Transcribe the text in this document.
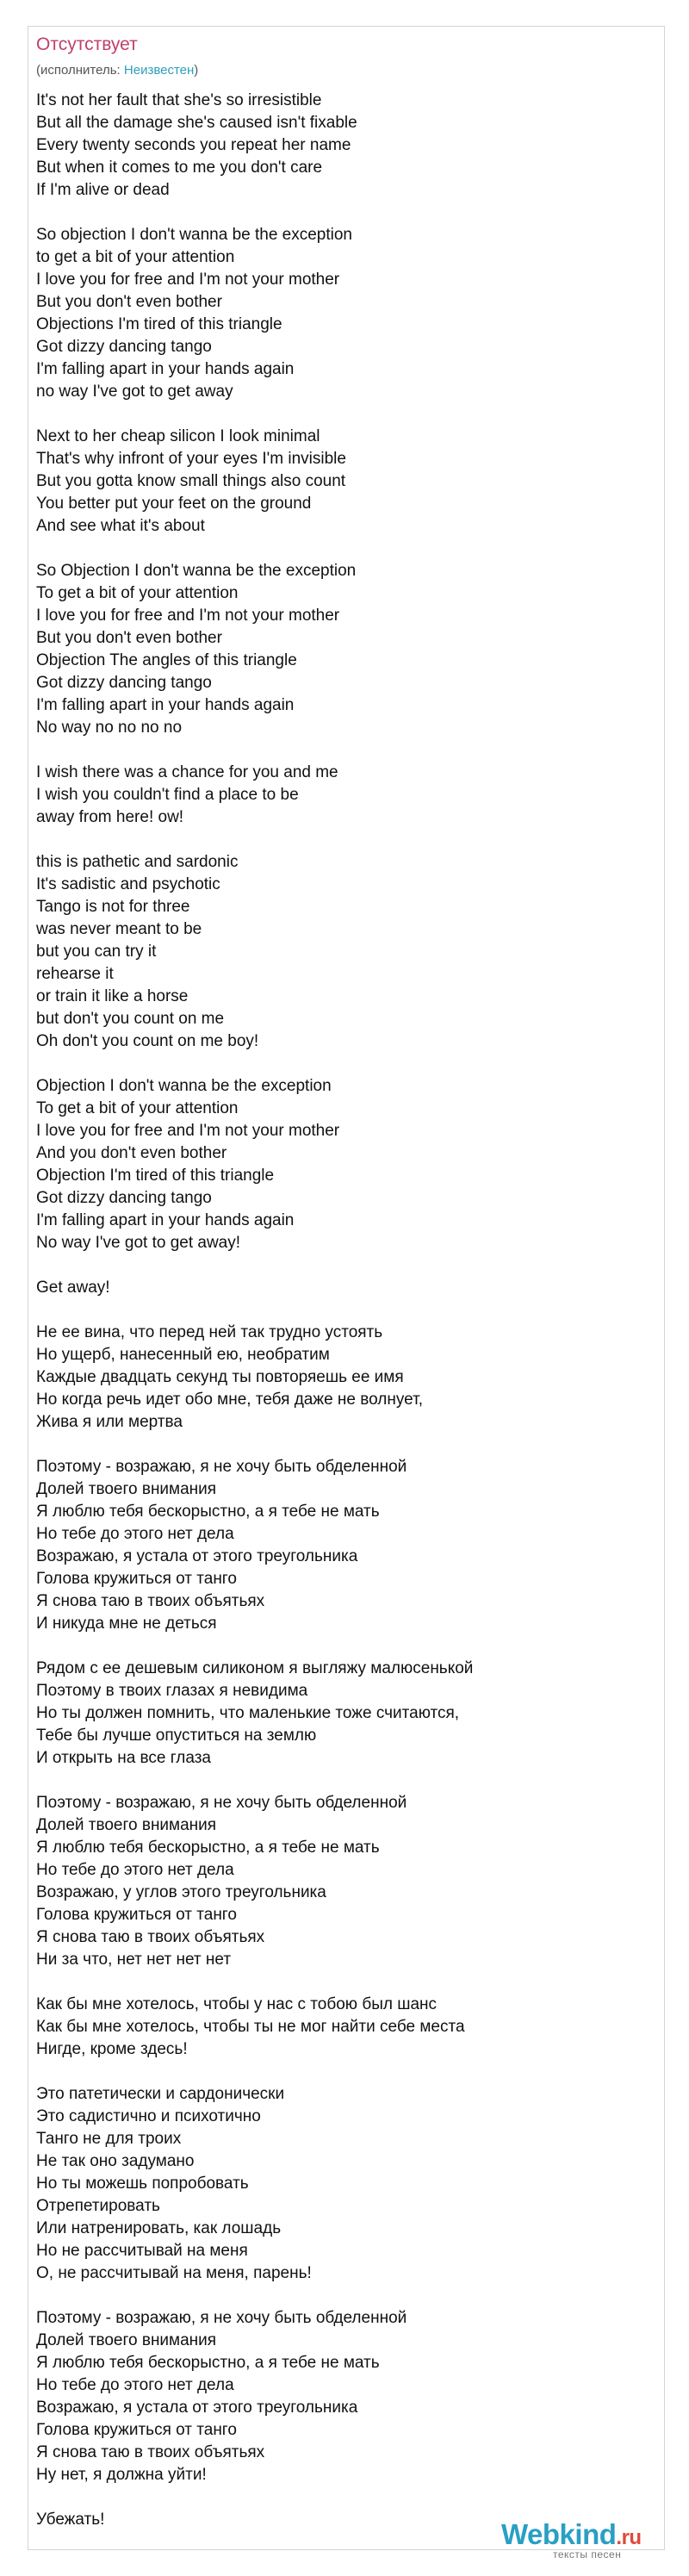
Отсутствует
(исполнитель: Неизвестен)
It's not her fault that she's so irresistible
But all the damage she's caused isn't fixable
Every twenty seconds you repeat her name
But when it comes to me you don't care
If I'm alive or dead
So objection I don't wanna be the exception
to get a bit of your attention
I love you for free and I'm not your mother
But you don't even bother
Objections I'm tired of this triangle
Got dizzy dancing tango
I'm falling apart in your hands again
no way I've got to get away
Next to her cheap silicon I look minimal
That's why infront of your eyes I'm invisible
But you gotta know small things also count
You better put your feet on the ground
And see what it's about
So Objection I don't wanna be the exception
To get a bit of your attention
I love you for free and I'm not your mother
But you don't even bother
Objection The angles of this triangle
Got dizzy dancing tango
I'm falling apart in your hands again
No way no no no no
I wish there was a chance for you and me
I wish you couldn't find a place to be
away from here! ow!
this is pathetic and sardonic
It's sadistic and psychotic
Tango is not for three
was never meant to be
but you can try it
rehearse it
or train it like a horse
but don't you count on me
Oh don't you count on me boy!
Objection I don't wanna be the exception
To get a bit of your attention
I love you for free and I'm not your mother
And you don't even bother
Objection I'm tired of this triangle
Got dizzy dancing tango
I'm falling apart in your hands again
No way I've got to get away!
Get away!
Не ее вина, что перед ней так трудно устоять
Но ущерб, нанесенный ею, необратим
Каждые двадцать секунд ты повторяешь ее имя
Но когда речь идет обо мне, тебя даже не волнует,
Жива я или мертва
Поэтому - возражаю, я не хочу быть обделенной
Долей твоего внимания
Я люблю тебя бескорыстно, а я тебе не мать
Но тебе до этого нет дела
Возражаю, я устала от этого треугольника
Голова кружиться от танго
Я снова таю в твоих объятьях
И никуда мне не деться
Рядом с ее дешевым силиконом я выгляжу малюсенькой
Поэтому в твоих глазах я невидима
Но ты должен помнить, что маленькие тоже считаются,
Тебе бы лучше опуститься на землю
И открыть на все глаза
Поэтому - возражаю, я не хочу быть обделенной
Долей твоего внимания
Я люблю тебя бескорыстно, а я тебе не мать
Но тебе до этого нет дела
Возражаю, у углов этого треугольника
Голова кружиться от танго
Я снова таю в твоих объятьях
Ни за что, нет нет нет нет
Как бы мне хотелось, чтобы у нас с тобою был шанс
Как бы мне хотелось, чтобы ты не мог найти себе места
Нигде, кроме здесь!
Это патетически и сардонически
Это садистично и психотично
Танго не для троих
Не так оно задумано
Но ты можешь попробовать
Отрепетировать
Или натренировать, как лошадь
Но не рассчитывай на меня
О, не рассчитывай на меня, парень!
Поэтому - возражаю, я не хочу быть обделенной
Долей твоего внимания
Я люблю тебя бескорыстно, а я тебе не мать
Но тебе до этого нет дела
Возражаю, я устала от этого треугольника
Голова кружиться от танго
Я снова таю в твоих объятьях
Ну нет, я должна уйти!
Убежать!	Webkind.ru
тексты песен
